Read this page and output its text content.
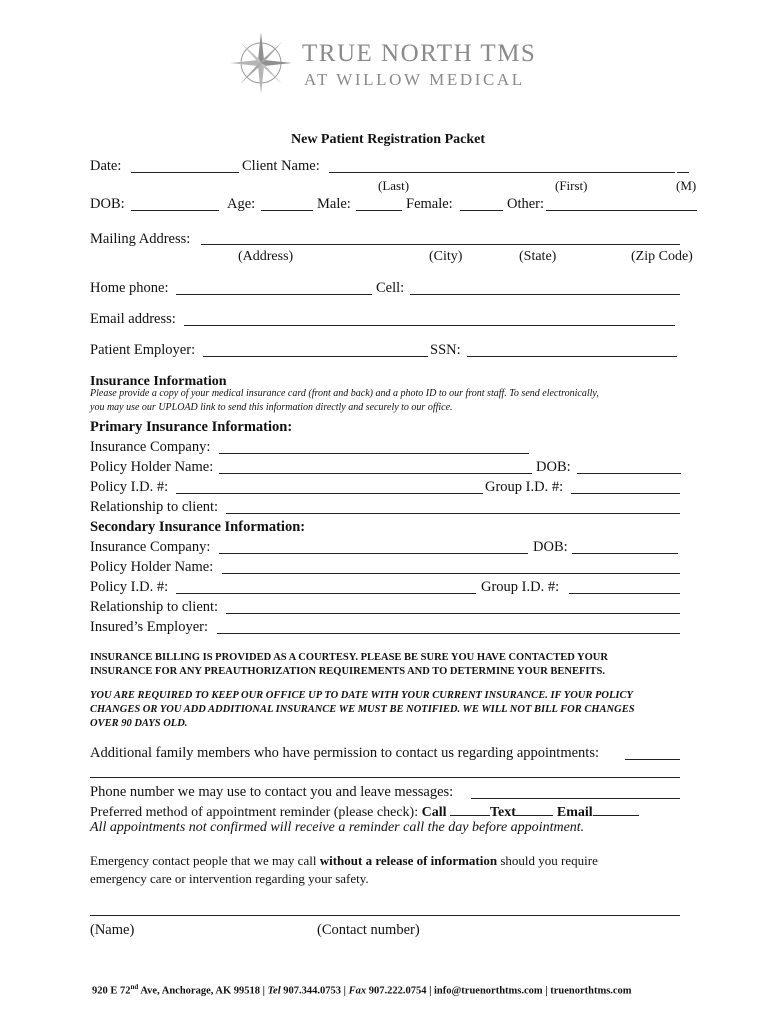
TRUE NORTH TMS
AT WILLOW MEDICAL
New Patient Registration Packet
Date:	Client Name:
(Last)	(First)	(M)
DOB:	Age:	Male:	Female:	Other:
Mailing Address:
(Address)	(City)	(State)	(Zip Code)
Home phone:	Cell:
Email address:
Patient Employer:	SSN:
Insurance Information
Please provide a copy of your medical insurance card (front and back) and a photo ID to our front staff. To send electronically,
you may use our UPLOAD link to send this information directly and securely to our office.
Primary Insurance Information:
Insurance Company:
Policy Holder Name:	DOB:
Policy I.D. #:	Group I.D. #:
Relationship to client:
Secondary Insurance Information:
Insurance Company:	DOB:
Policy Holder Name:
Policy I.D. #:	Group I.D. #:
Relationship to client:
Insured’s Employer:
INSURANCE BILLING IS PROVIDED AS A COURTESY. PLEASE BE SURE YOU HAVE CONTACTED YOUR
INSURANCE FOR ANY PREAUTHORIZATION REQUIREMENTS AND TO DETERMINE YOUR BENEFITS.
YOU ARE REQUIRED TO KEEP OUR OFFICE UP TO DATE WITH YOUR CURRENT INSURANCE. IF YOUR POLICY
CHANGES OR YOU ADD ADDITIONAL INSURANCE WE MUST BE NOTIFIED. WE WILL NOT BILL FOR CHANGES
OVER 90 DAYS OLD.
Additional family members who have permission to contact us regarding appointments:
Phone number we may use to contact you and leave messages:
Preferred method of appointment reminder (please check): Call	Text	Email
All appointments not confirmed will receive a reminder call the day before appointment.
Emergency contact people that we may call without a release of information should you require
emergency care or intervention regarding your safety.
(Name)	(Contact number)
920 E 72nd Ave, Anchorage, AK 99518 | Tel 907.344.0753 | Fax 907.222.0754 | info@truenorthtms.com | truenorthtms.com
